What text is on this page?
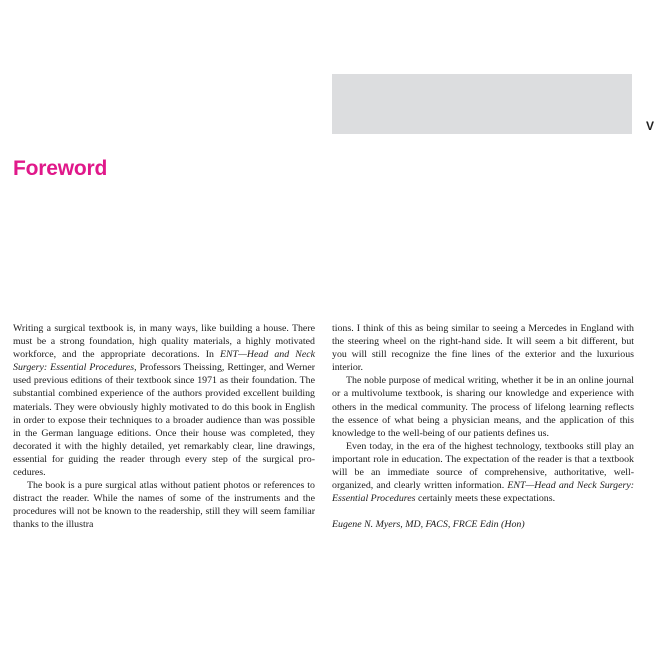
V
Foreword

Writing a surgical textbook is, in many ways, like building a house. There must be a strong foundation, high quality materials, a highly motivated workforce, and the appropriate decorations. In ENT—Head and Neck Surgery: Essential Procedures, Professors Theissing, Rettinger, and Werner used previous editions of their textbook since 1971 as their foundation. The substantial combined experience of the authors provided excellent building materials. They were obviously highly motivated to do this book in English in order to expose their techniques to a broader audience than was possible in the German language editions. Once their house was completed, they decorated it with the highly detailed, yet remarkably clear, line drawings, essential for guiding the reader through every step of the surgical procedures.

The book is a pure surgical atlas without patient photos or references to distract the reader. While the names of some of the instruments and the procedures will not be known to the readership, still they will seem familiar thanks to the illustra

tions. I think of this as being similar to seeing a Mercedes in England with the steering wheel on the right-hand side. It will seem a bit different, but you will still recognize the fine lines of the exterior and the luxurious interior.

The noble purpose of medical writing, whether it be in an online journal or a multivolume textbook, is sharing our knowledge and experience with others in the medical community. The process of lifelong learning reflects the essence of what being a physician means, and the application of this knowledge to the well-being of our patients defines us.

Even today, in the era of the highest technology, textbooks still play an important role in education. The expectation of the reader is that a textbook will be an immediate source of comprehensive, authoritative, well-organized, and clearly written information. ENT—Head and Neck Surgery: Essential Procedures certainly meets these expectations.

Eugene N. Myers, MD, FACS, FRCE Edin (Hon)
